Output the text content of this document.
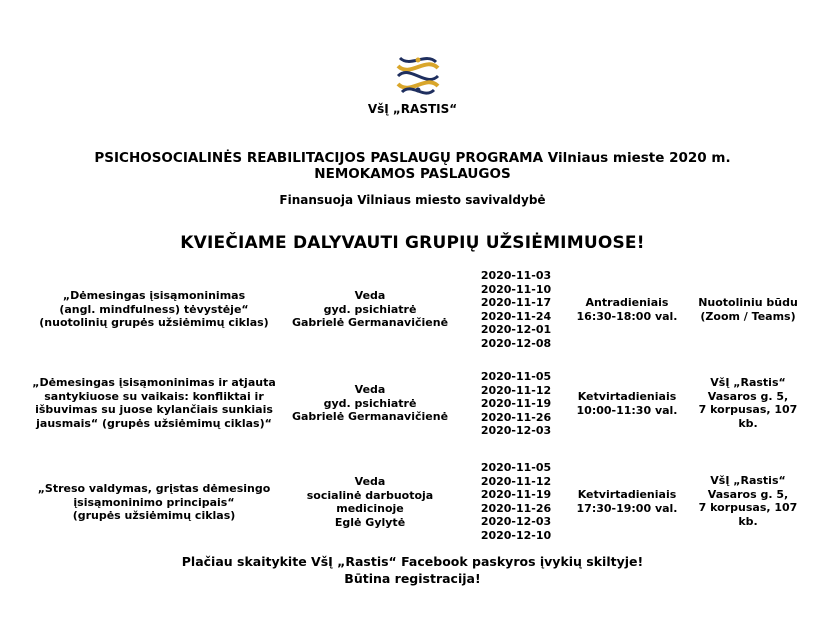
VšĮ „RASTIS“
PSICHOSOCIALINĖS REABILITACIJOS PASLAUGŲ PROGRAMA Vilniaus mieste 2020 m.
NEMOKAMOS PASLAUGOS
Finansuoja Vilniaus miesto savivaldybė
KVIEČIAME DALYVAUTI GRUPIŲ UŽSIĖMIMUOSE!
„Dėmesingas įsisąmoninimas
(angl. mindfulness) tėvystėje“
(nuotolinių grupės užsiėmimų ciklas)
Veda
gyd. psichiatrė
Gabrielė Germanavičienė
2020-11-03
2020-11-10
2020-11-17
2020-11-24
2020-12-01
2020-12-08
Antradieniais
16:30-18:00 val.
Nuotoliniu būdu
(Zoom / Teams)
„Dėmesingas įsisąmoninimas ir atjauta
santykiuose su vaikais: konfliktai ir
išbuvimas su juose kylančiais sunkiais
jausmais“ (grupės užsiėmimų ciklas)“
Veda
gyd. psichiatrė
Gabrielė Germanavičienė
2020-11-05
2020-11-12
2020-11-19
2020-11-26
2020-12-03
Ketvirtadieniais
10:00-11:30 val.
VšĮ „Rastis“
Vasaros g. 5,
7 korpusas, 107
kb.
„Streso valdymas, grįstas dėmesingo
įsisąmoninimo principais“
(grupės užsiėmimų ciklas)
Veda
socialinė darbuotoja
medicinoje
Eglė Gylytė
2020-11-05
2020-11-12
2020-11-19
2020-11-26
2020-12-03
2020-12-10
Ketvirtadieniais
17:30-19:00 val.
VšĮ „Rastis“
Vasaros g. 5,
7 korpusas, 107
kb.
Plačiau skaitykite VšĮ „Rastis“ Facebook paskyros įvykių skiltyje!
Būtina registracija!
